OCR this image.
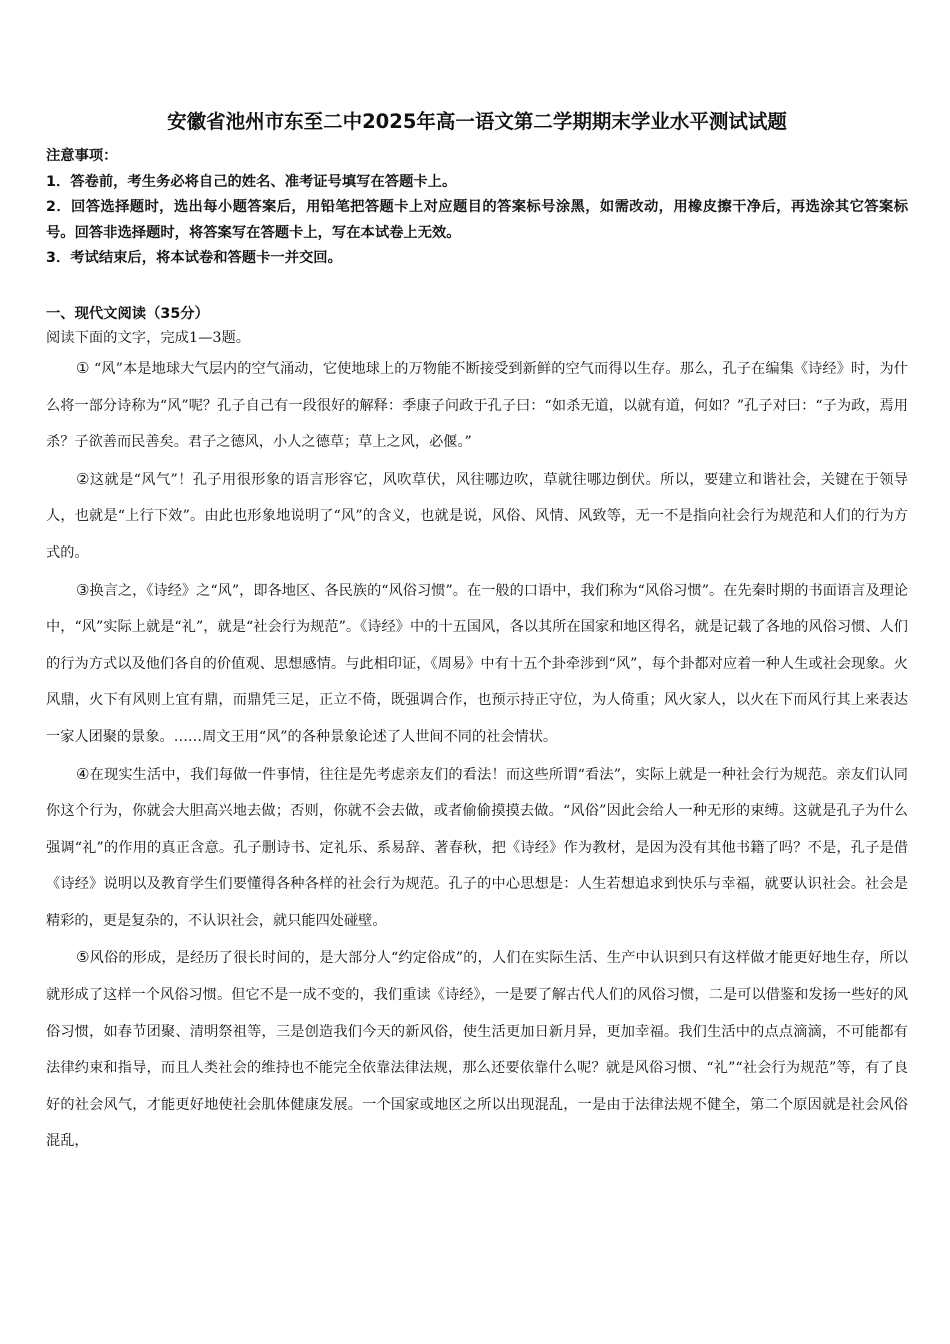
安徽省池州市东至二中2025年高一语文第二学期期末学业水平测试试题
注意事项：
1．答卷前，考生务必将自己的姓名、准考证号填写在答题卡上。
2．回答选择题时，选出每小题答案后，用铅笔把答题卡上对应题目的答案标号涂黑，如需改动，用橡皮擦干净后，再选涂其它答案标号。回答非选择题时，将答案写在答题卡上，写在本试卷上无效。
3．考试结束后，将本试卷和答题卡一并交回。
一、现代文阅读（35分）
阅读下面的文字，完成1—3题。

① “风”本是地球大气层内的空气涌动，它使地球上的万物能不断接受到新鲜的空气而得以生存。那么，孔子在编集《诗经》时，为什么将一部分诗称为“风”呢？孔子自己有一段很好的解释：季康子问政于孔子曰：“如杀无道，以就有道，何如？”孔子对曰：“子为政，焉用杀？子欲善而民善矣。君子之德风，小人之德草；草上之风，必偃。”

②这就是“风气”！孔子用很形象的语言形容它，风吹草伏，风往哪边吹，草就往哪边倒伏。所以，要建立和谐社会，关键在于领导人，也就是“上行下效”。由此也形象地说明了“风”的含义，也就是说，风俗、风情、风致等，无一不是指向社会行为规范和人们的行为方式的。

③换言之，《诗经》之“风”，即各地区、各民族的“风俗习惯”。在一般的口语中，我们称为“风俗习惯”。在先秦时期的书面语言及理论中，“风”实际上就是“礼”，就是“社会行为规范”。《诗经》中的十五国风，各以其所在国家和地区得名，就是记载了各地的风俗习惯、人们的行为方式以及他们各自的价值观、思想感情。与此相印证，《周易》中有十五个卦牵涉到“风”，每个卦都对应着一种人生或社会现象。火风鼎，火下有风则上宜有鼎，而鼎凭三足，正立不倚，既强调合作，也预示持正守位，为人倚重；风火家人，以火在下而风行其上来表达一家人团聚的景象。……周文王用“风”的各种景象论述了人世间不同的社会情状。

④在现实生活中，我们每做一件事情，往往是先考虑亲友们的看法！而这些所谓“看法”，实际上就是一种社会行为规范。亲友们认同你这个行为，你就会大胆高兴地去做；否则，你就不会去做，或者偷偷摸摸去做。“风俗”因此会给人一种无形的束缚。这就是孔子为什么强调“礼”的作用的真正含意。孔子删诗书、定礼乐、系易辞、著春秋，把《诗经》作为教材，是因为没有其他书籍了吗？不是，孔子是借《诗经》说明以及教育学生们要懂得各种各样的社会行为规范。孔子的中心思想是：人生若想追求到快乐与幸福，就要认识社会。社会是精彩的，更是复杂的，不认识社会，就只能四处碰壁。

⑤风俗的形成，是经历了很长时间的，是大部分人“约定俗成”的，人们在实际生活、生产中认识到只有这样做才能更好地生存，所以就形成了这样一个风俗习惯。但它不是一成不变的，我们重读《诗经》，一是要了解古代人们的风俗习惯，二是可以借鉴和发扬一些好的风俗习惯，如春节团聚、清明祭祖等，三是创造我们今天的新风俗，使生活更加日新月异，更加幸福。我们生活中的点点滴滴，不可能都有法律约束和指导，而且人类社会的维持也不能完全依靠法律法规，那么还要依靠什么呢？就是风俗习惯、“礼”“社会行为规范”等，有了良好的社会风气，才能更好地使社会肌体健康发展。一个国家或地区之所以出现混乱，一是由于法律法规不健全，第二个原因就是社会风俗混乱，
